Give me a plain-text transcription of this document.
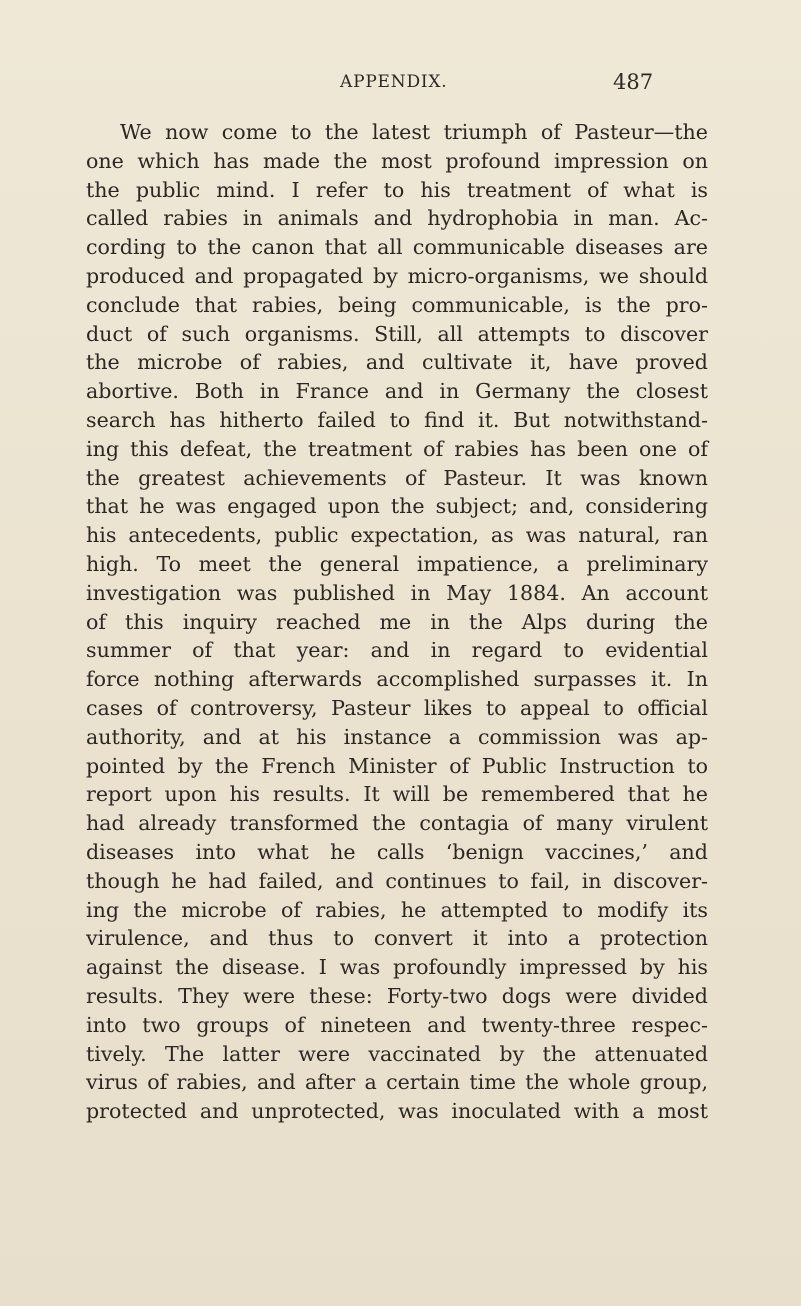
APPENDIX.	487
We now come to the latest triumph of Pasteur—the
one which has made the most profound impression on
the public mind. I refer to his treatment of what is
called rabies in animals and hydrophobia in man. Ac-
cording to the canon that all communicable diseases are
produced and propagated by micro-organisms, we should
conclude that rabies, being communicable, is the pro-
duct of such organisms. Still, all attempts to discover
the microbe of rabies, and cultivate it, have proved
abortive. Both in France and in Germany the closest
search has hitherto failed to find it. But notwithstand-
ing this defeat, the treatment of rabies has been one of
the greatest achievements of Pasteur. It was known
that he was engaged upon the subject; and, considering
his antecedents, public expectation, as was natural, ran
high. To meet the general impatience, a preliminary
investigation was published in May 1884. An account
of this inquiry reached me in the Alps during the
summer of that year: and in regard to evidential
force nothing afterwards accomplished surpasses it. In
cases of controversy, Pasteur likes to appeal to official
authority, and at his instance a commission was ap-
pointed by the French Minister of Public Instruction to
report upon his results. It will be remembered that he
had already transformed the contagia of many virulent
diseases into what he calls ‘benign vaccines,’ and
though he had failed, and continues to fail, in discover-
ing the microbe of rabies, he attempted to modify its
virulence, and thus to convert it into a protection
against the disease. I was profoundly impressed by his
results. They were these: Forty-two dogs were divided
into two groups of nineteen and twenty-three respec-
tively. The latter were vaccinated by the attenuated
virus of rabies, and after a certain time the whole group,
protected and unprotected, was inoculated with a most
